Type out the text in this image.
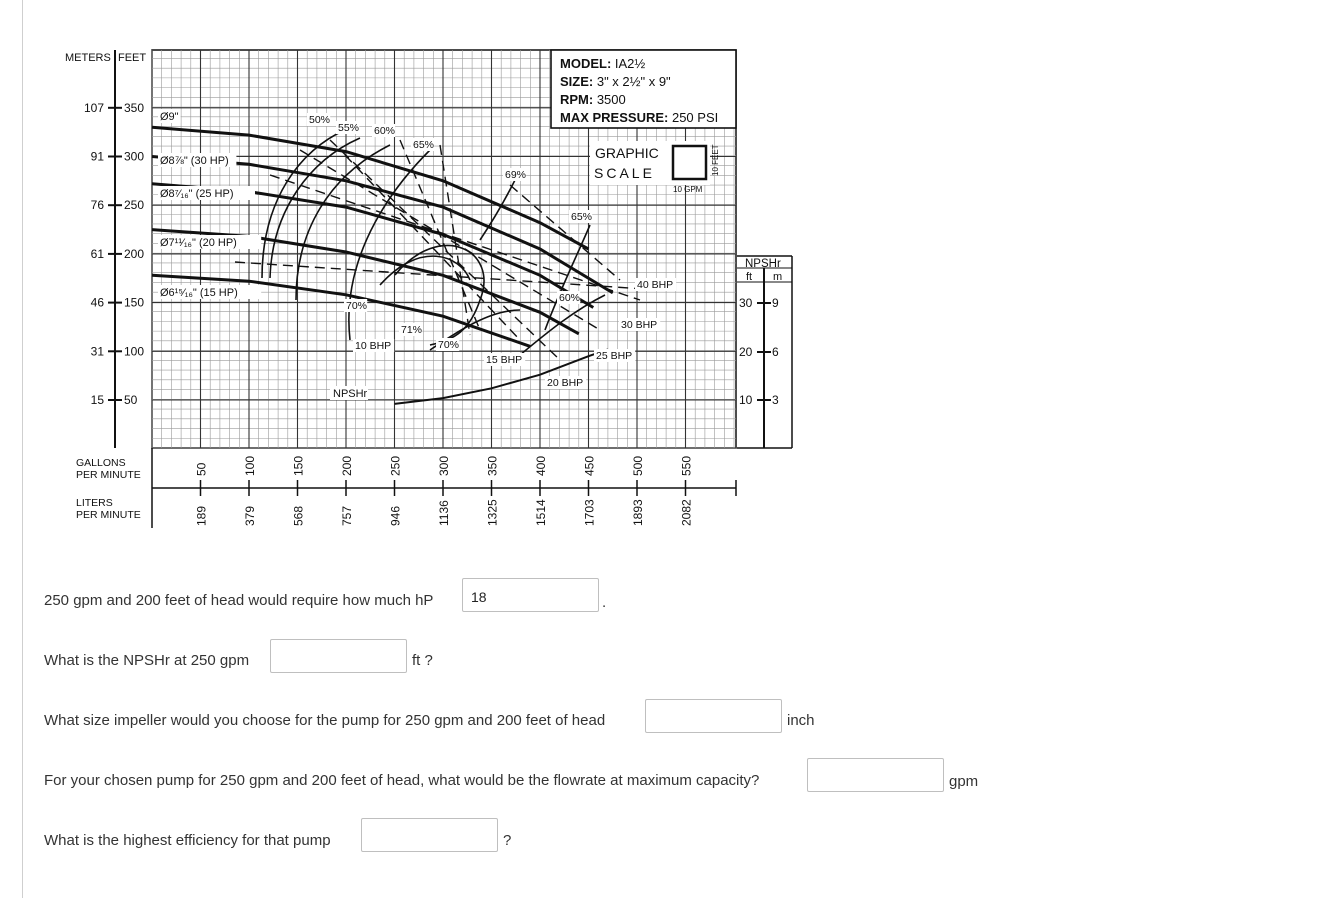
METERS FEET
107 350
91 300
76 250
61 200
46 150
31 100
15 50
GALLONS
PER MINUTE
LITERS
PER MINUTE
50
189
100
379
150
568
200
757
250
946
300
1136
350
1325
400
1514
450
1703
500
1893
550
2082
Ø9"
Ø8⅞" (30 HP)
Ø8⁷⁄₁₆" (25 HP)
Ø7¹¹⁄₁₆" (20 HP)
Ø6¹⁵⁄₁₆" (15 HP)
NPSHr
50%
55% 60%
65%
69%
65%
60%
70%
71%
70%
40 BHP
30 BHP
25 BHP
20 BHP
15 BHP
10 BHP
MODEL: IA2½
SIZE: 3" x 2½" x 9"
RPM: 3500
MAX PRESSURE: 250 PSI
GRAPHIC
SCALE
10 GPM
10 FEET
NPSHr
ft m
30 9
20 6
10 3
250 gpm and 200 feet of head would require how much hP	18	.
What is the NPSHr at 250 gpm	ft ?
What size impeller would you choose for the pump for 250 gpm and 200 feet of head	inch
For your chosen pump for 250 gpm and 200 feet of head, what would be the flowrate at maximum capacity?	gpm
What is the highest efficiency for that pump	?
